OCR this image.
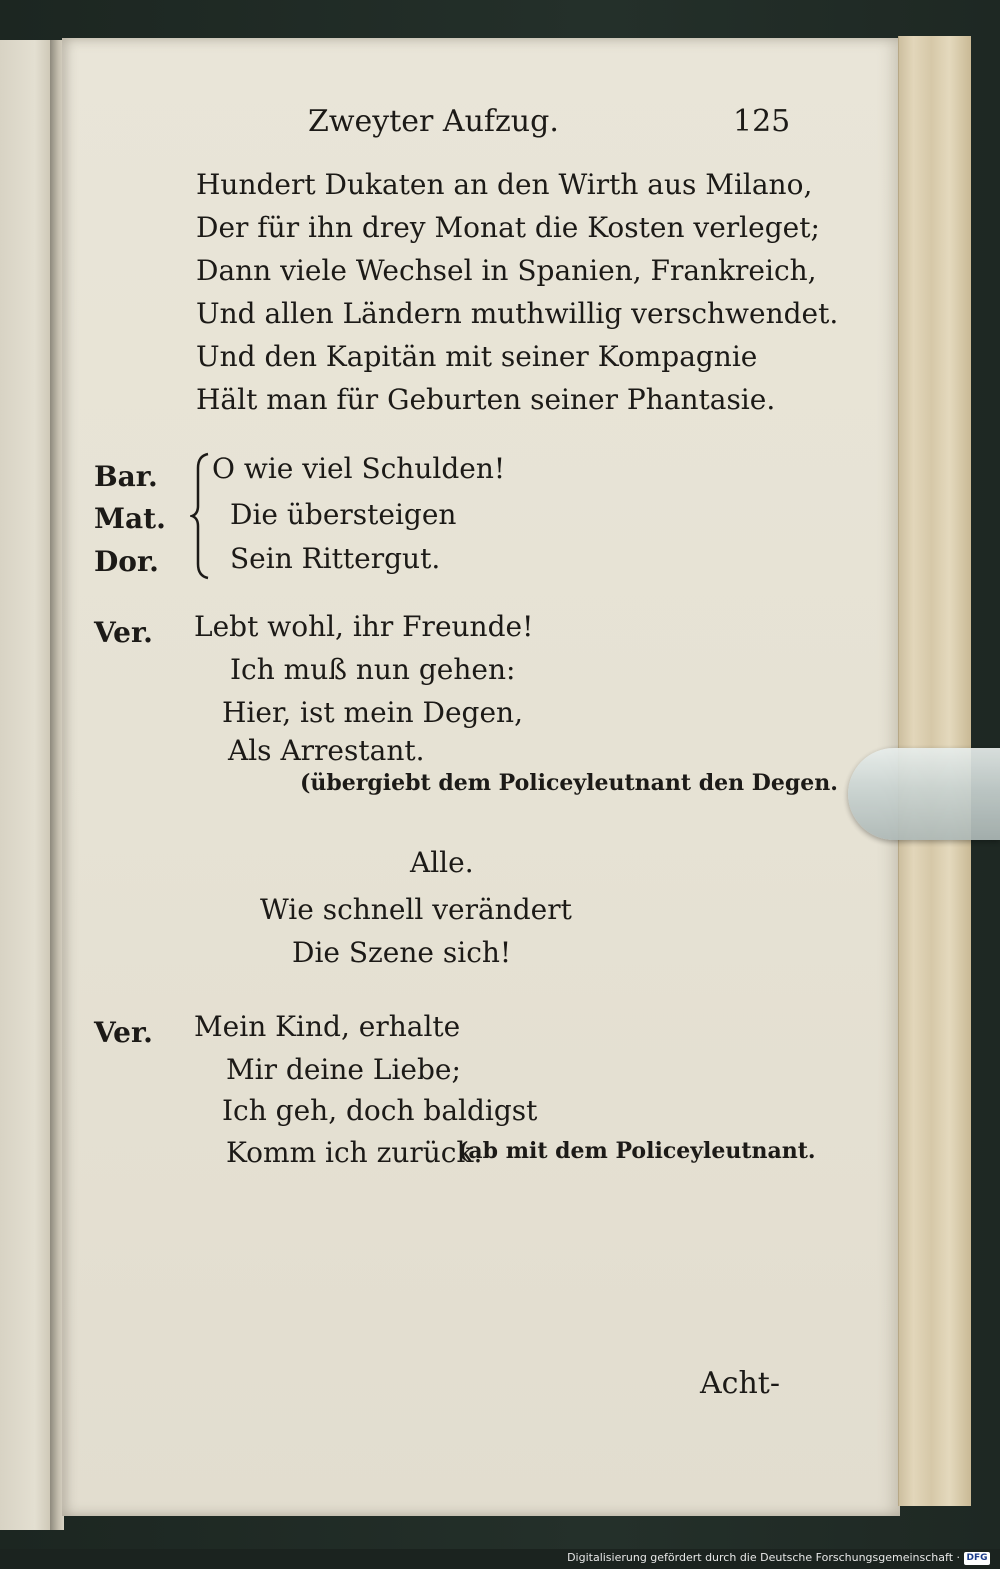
Zweyter Aufzug.	125
Hundert Dukaten an den Wirth aus Milano,
Der für ihn drey Monat die Kosten verleget;
Dann viele Wechsel in Spanien, Frankreich,
Und allen Ländern muthwillig verschwendet.
Und den Kapitän mit seiner Kompagnie
Hält man für Geburten seiner Phantasie.
Bar.
Mat.
Dor.
O wie viel Schulden!
Die übersteigen
Sein Rittergut.
Ver. Lebt wohl, ihr Freunde!
Ich muß nun gehen:
Hier, ist mein Degen,
Als Arrestant.
(übergiebt dem Policeyleutnant den Degen.
Alle.
Wie schnell verändert
Die Szene sich!
Ver. Mein Kind, erhalte
Mir deine Liebe;
Ich geh, doch baldigst
Komm ich zurück.
(ab mit dem Policeyleutnant.
Acht-
Digitalisierung gefördert durch die Deutsche Forschungsgemeinschaft · DFG
